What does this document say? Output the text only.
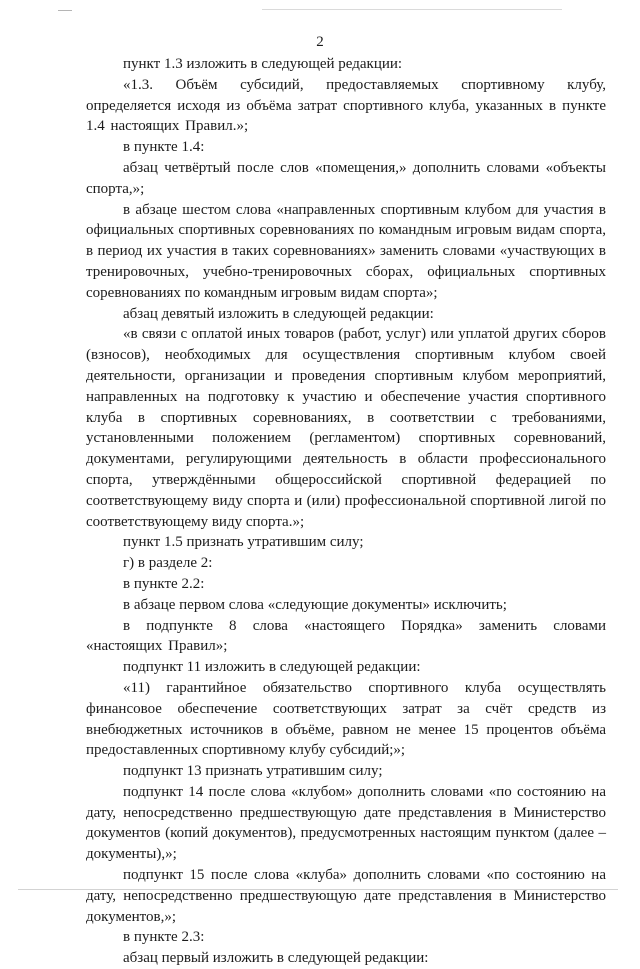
2

пункт 1.3 изложить в следующей редакции:

«1.3. Объём субсидий, предоставляемых спортивному клубу, определяется исходя из объёма затрат спортивного клуба, указанных в пункте 1.4 настоящих Правил.»;

в пункте 1.4:

абзац четвёртый после слов «помещения,» дополнить словами «объекты спорта,»;

в абзаце шестом слова «направленных спортивным клубом для участия в официальных спортивных соревнованиях по командным игровым видам спорта, в период их участия в таких соревнованиях» заменить словами «участвующих в тренировочных, учебно-тренировочных сборах, официальных спортивных соревнованиях по командным игровым видам спорта»;

абзац девятый изложить в следующей редакции:

«в связи с оплатой иных товаров (работ, услуг) или уплатой других сборов (взносов), необходимых для осуществления спортивным клубом своей деятельности, организации и проведения спортивным клубом мероприятий, направленных на подготовку к участию и обеспечение участия спортивного клуба в спортивных соревнованиях, в соответствии с требованиями, установленными положением (регламентом) спортивных соревнований, документами, регулирующими деятельность в области профессионального спорта, утверждёнными общероссийской спортивной федерацией по соответствующему виду спорта и (или) профессиональной спортивной лигой по соответствующему виду спорта.»;

пункт 1.5 признать утратившим силу;

г) в разделе 2:

в пункте 2.2:

в абзаце первом слова «следующие документы» исключить;

в подпункте 8 слова «настоящего Порядка» заменить словами «настоящих Правил»;

подпункт 11 изложить в следующей редакции:

«11) гарантийное обязательство спортивного клуба осуществлять финансовое обеспечение соответствующих затрат за счёт средств из внебюджетных источников в объёме, равном не менее 15 процентов объёма предоставленных спортивному клубу субсидий;»;

подпункт 13 признать утратившим силу;

подпункт 14 после слова «клубом» дополнить словами «по состоянию на дату, непосредственно предшествующую дате представления в Министерство документов (копий документов), предусмотренных настоящим пунктом (далее – документы),»;

подпункт 15 после слова «клуба» дополнить словами «по состоянию на дату, непосредственно предшествующую дате представления в Министерство документов,»;

в пункте 2.3:

абзац первый изложить в следующей редакции:
